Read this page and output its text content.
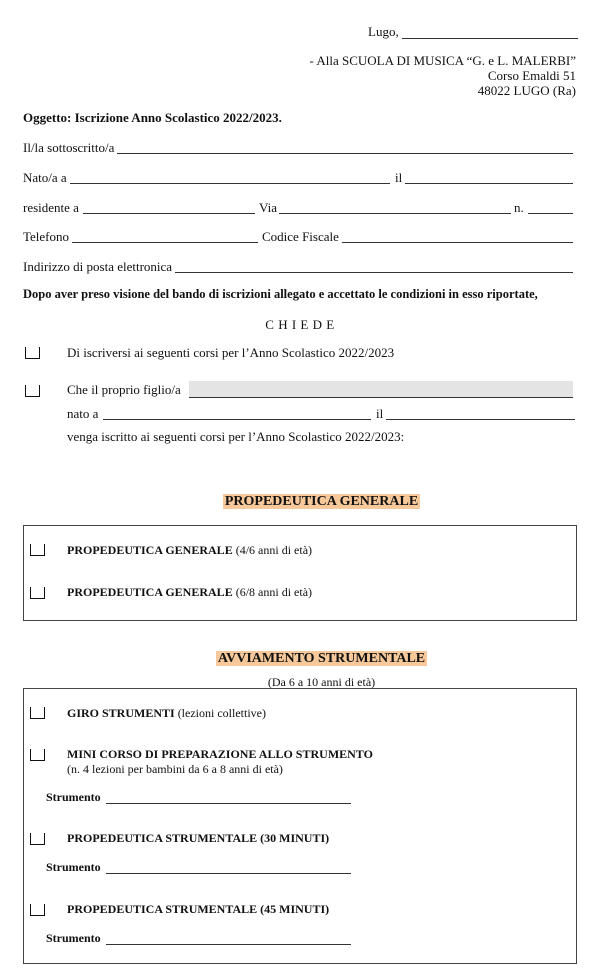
Lugo,
- Alla SCUOLA DI MUSICA “G. e L. MALERBI”
Corso Emaldi 51
48022 LUGO (Ra)
Oggetto: Iscrizione Anno Scolastico 2022/2023.
Il/la sottoscritto/a
Nato/a a	il
residente a	Via	n.
Telefono	Codice Fiscale
Indirizzo di posta elettronica
Dopo aver preso visione del bando di iscrizioni allegato e accettato le condizioni in esso riportate,
C H I E D E
Di iscriversi ai seguenti corsi per l’Anno Scolastico 2022/2023
Che il proprio figlio/a
nato a	il
venga iscritto ai seguenti corsi per l’Anno Scolastico 2022/2023:
PROPEDEUTICA GENERALE
PROPEDEUTICA GENERALE (4/6 anni di età)
PROPEDEUTICA GENERALE (6/8 anni di età)
AVVIAMENTO STRUMENTALE
(Da 6 a 10 anni di età)
GIRO STRUMENTI (lezioni collettive)
MINI CORSO DI PREPARAZIONE ALLO STRUMENTO
(n. 4 lezioni per bambini da 6 a 8 anni di età)
Strumento
PROPEDEUTICA STRUMENTALE (30 MINUTI)
Strumento
PROPEDEUTICA STRUMENTALE (45 MINUTI)
Strumento
